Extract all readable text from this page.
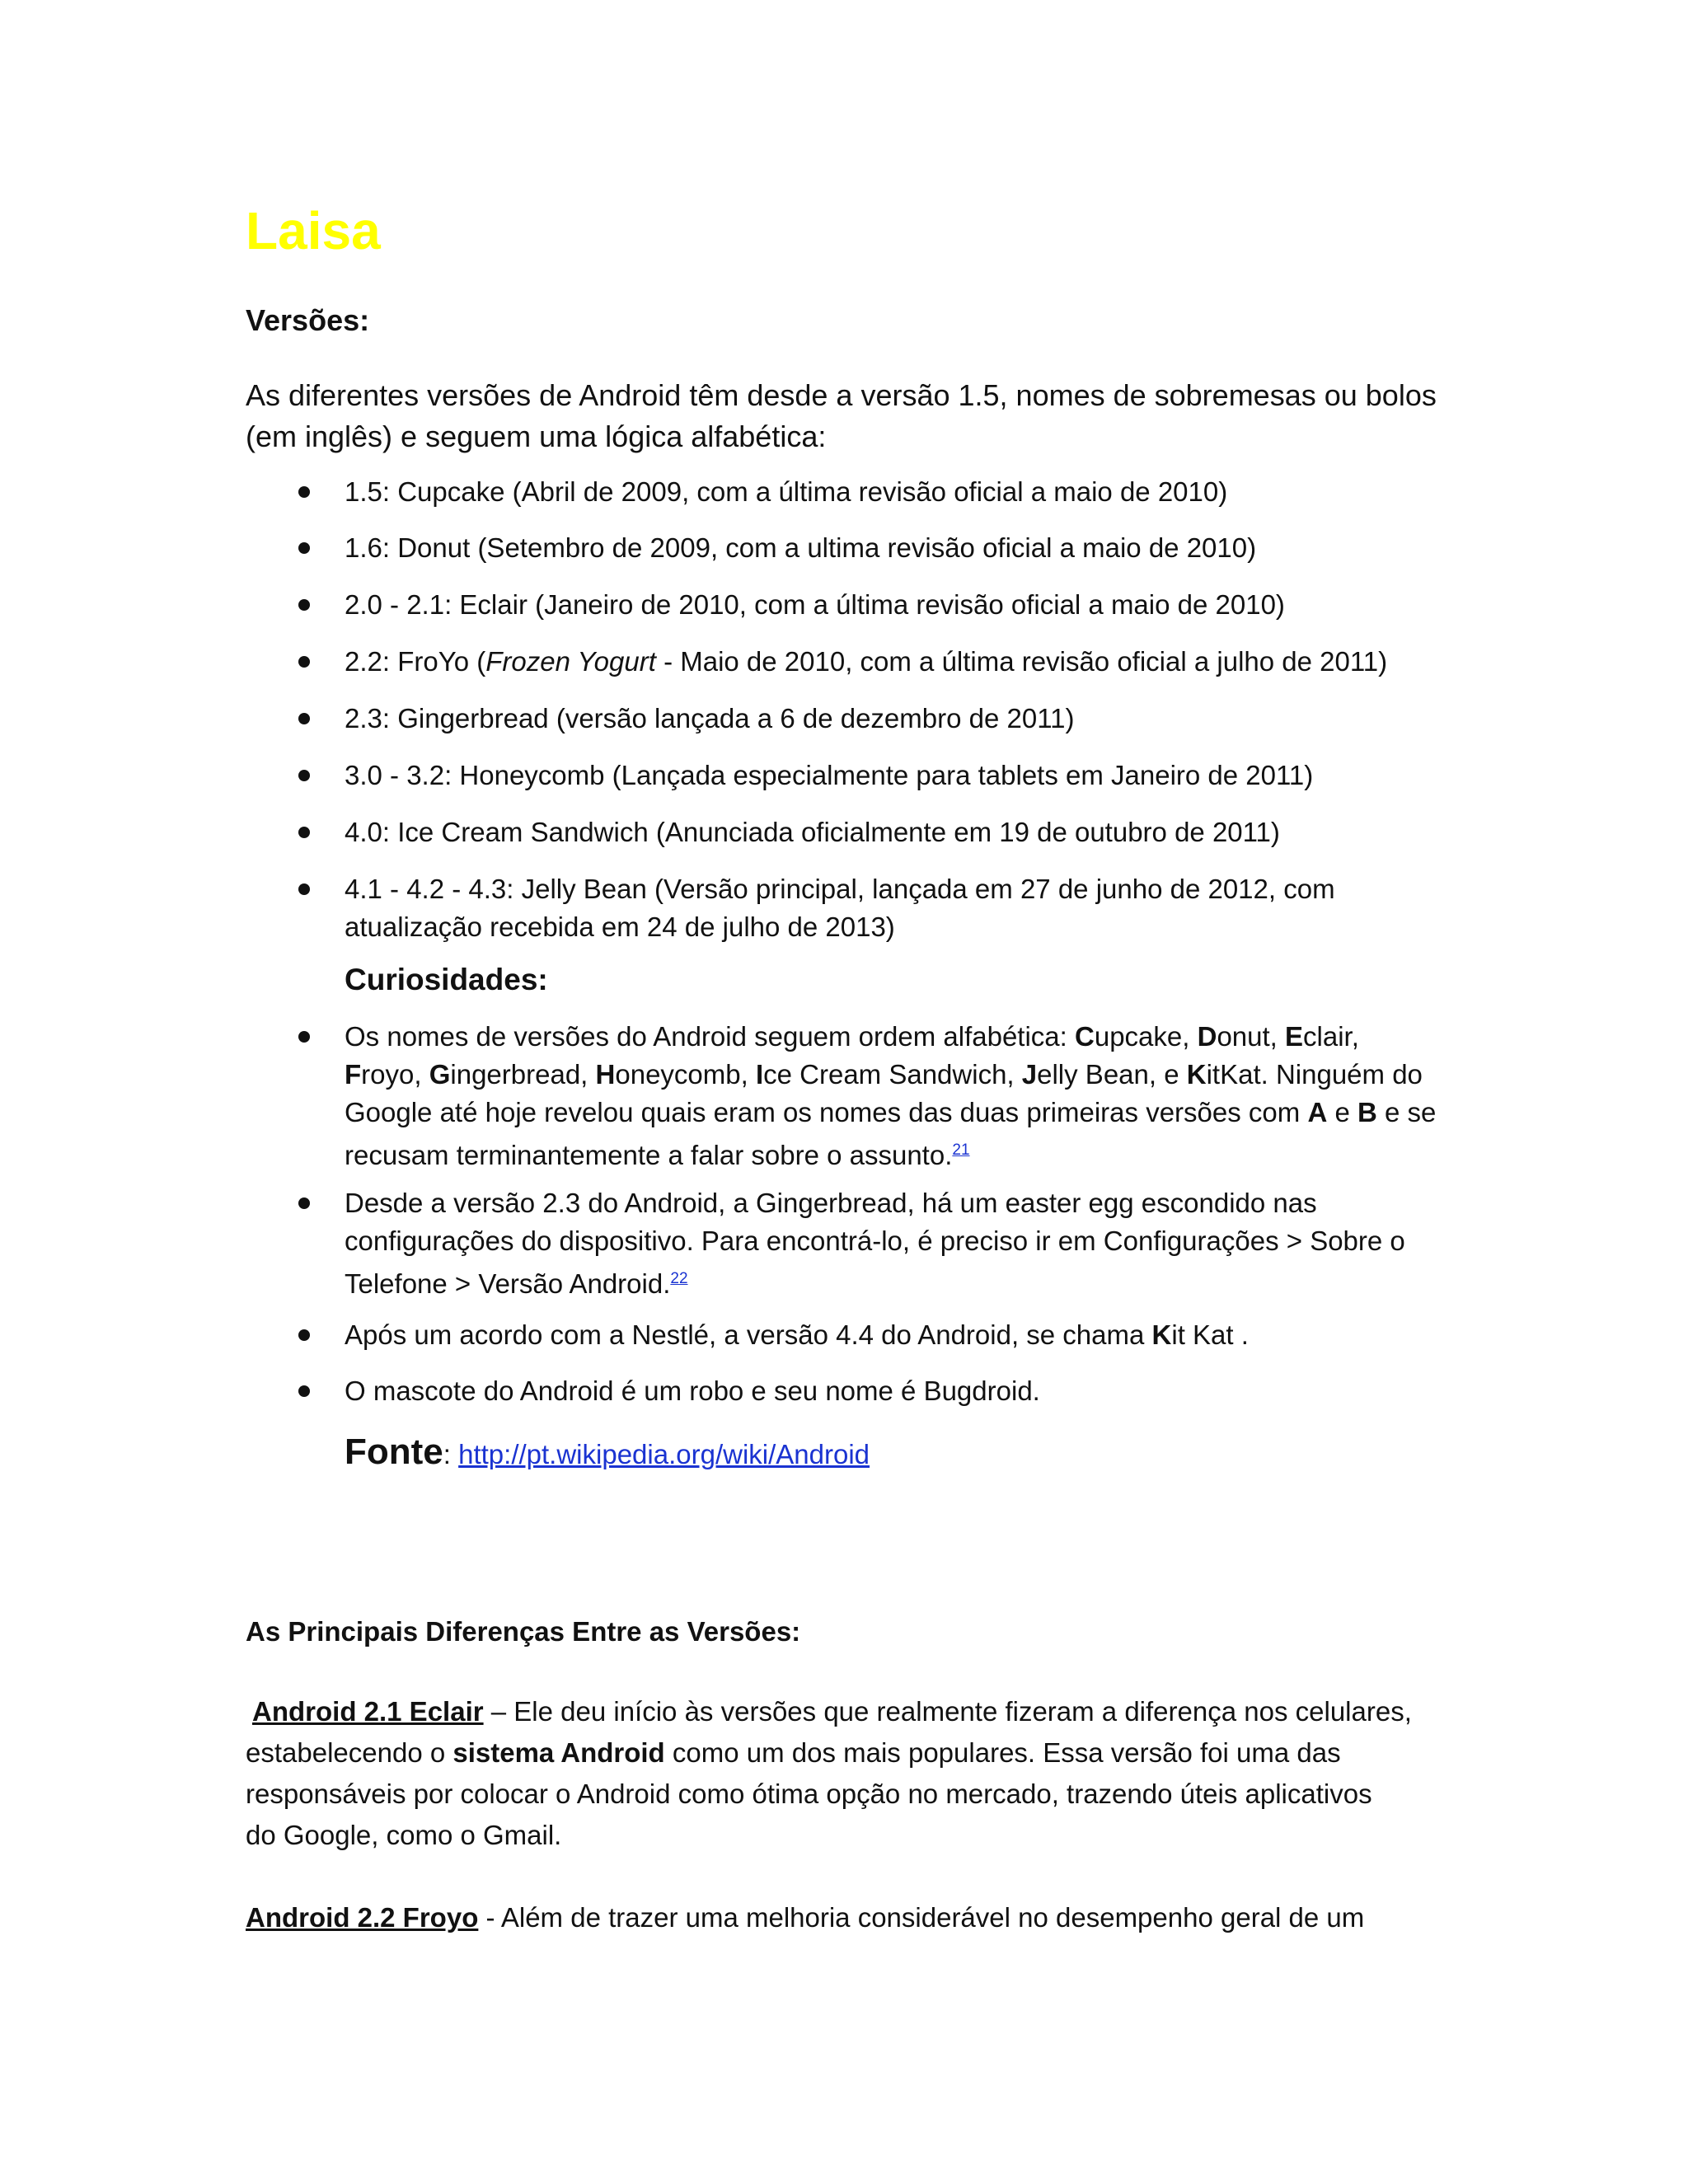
Laisa
Versões:
As diferentes versões de Android têm desde a versão 1.5, nomes de sobremesas ou bolos (em inglês) e seguem uma lógica alfabética:
1.5: Cupcake (Abril de 2009, com a última revisão oficial a maio de 2010)
1.6: Donut (Setembro de 2009, com a ultima revisão oficial a maio de 2010)
2.0 - 2.1: Eclair (Janeiro de 2010, com a última revisão oficial a maio de 2010)
2.2: FroYo (Frozen Yogurt - Maio de 2010, com a última revisão oficial a julho de 2011)
2.3: Gingerbread (versão lançada a 6 de dezembro de 2011)
3.0 - 3.2: Honeycomb (Lançada especialmente para tablets em Janeiro de 2011)
4.0: Ice Cream Sandwich (Anunciada oficialmente em 19 de outubro de 2011)
4.1 - 4.2 - 4.3: Jelly Bean (Versão principal, lançada em 27 de junho de 2012, com
atualização recebida em 24 de julho de 2013)
Curiosidades:
Os nomes de versões do Android seguem ordem alfabética: Cupcake, Donut, Eclair,
Froyo, Gingerbread, Honeycomb, Ice Cream Sandwich, Jelly Bean, e KitKat. Ninguém do
Google até hoje revelou quais eram os nomes das duas primeiras versões com A e B e se
recusam terminantemente a falar sobre o assunto.$^{21}$
Desde a versão 2.3 do Android, a Gingerbread, há um easter egg escondido nas
configurações do dispositivo. Para encontrá-lo, é preciso ir em Configurações > Sobre o
Telefone > Versão Android.$^{22}$
Após um acordo com a Nestlé, a versão 4.4 do Android, se chama Kit Kat .
O mascote do Android é um robo e seu nome é Bugdroid.
Fonte: http://pt.wikipedia.org/wiki/Android
As Principais Diferenças Entre as Versões:
Android 2.1 Eclair – Ele deu início às versões que realmente fizeram a diferença nos celulares,
estabelecendo o sistema Android como um dos mais populares. Essa versão foi uma das
responsáveis por colocar o Android como ótima opção no mercado, trazendo úteis aplicativos
do Google, como o Gmail.
Android 2.2 Froyo - Além de trazer uma melhoria considerável no desempenho geral de um
